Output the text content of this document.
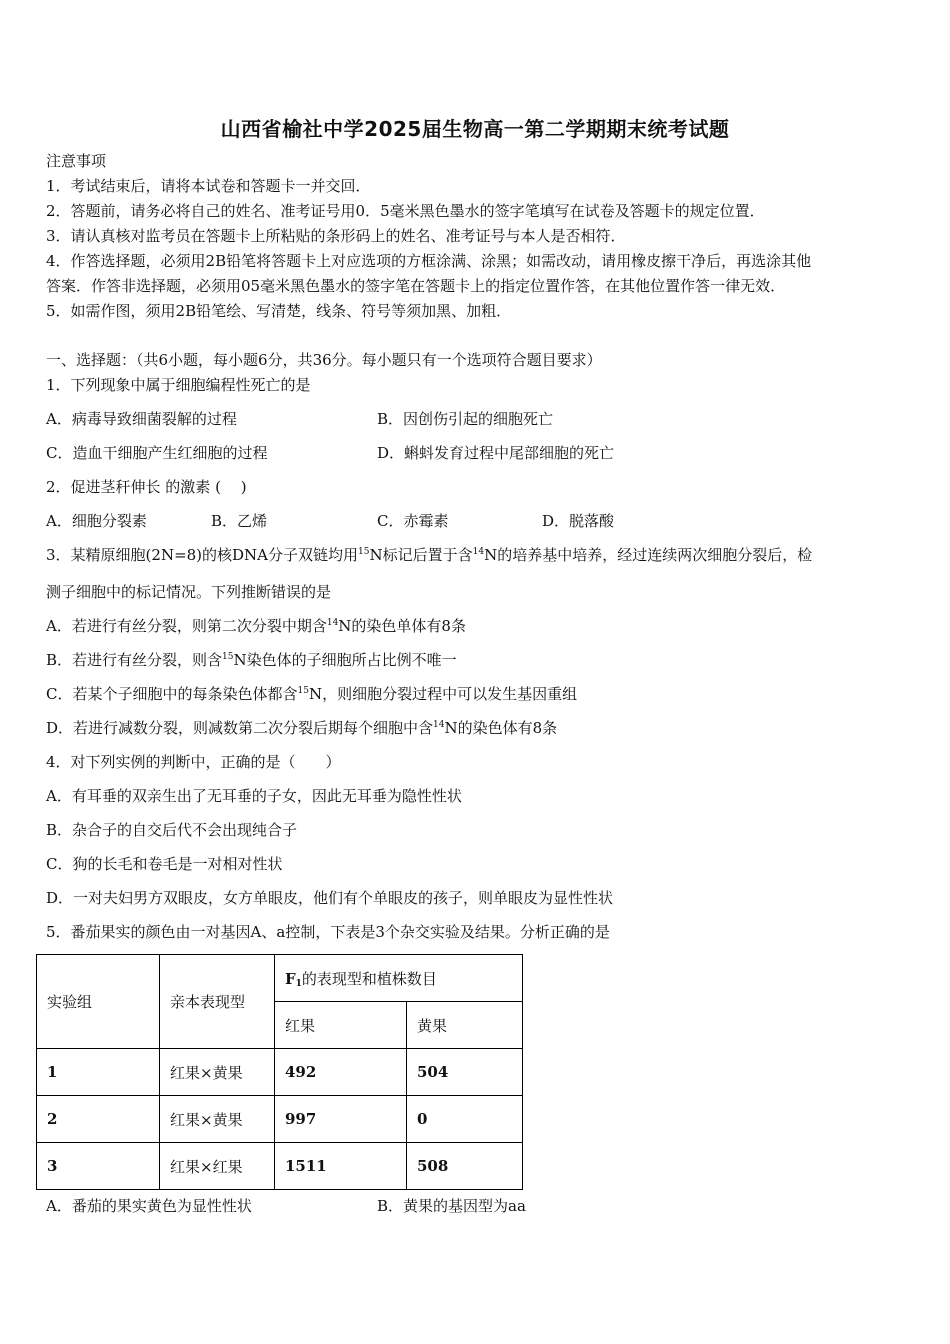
山西省榆社中学2025届生物高一第二学期期末统考试题
注意事项
1．考试结束后，请将本试卷和答题卡一并交回．
2．答题前，请务必将自己的姓名、准考证号用0．5毫米黑色墨水的签字笔填写在试卷及答题卡的规定位置．
3．请认真核对监考员在答题卡上所粘贴的条形码上的姓名、准考证号与本人是否相符．
4．作答选择题，必须用2B铅笔将答题卡上对应选项的方框涂满、涂黑；如需改动，请用橡皮擦干净后，再选涂其他
答案．作答非选择题，必须用05毫米黑色墨水的签字笔在答题卡上的指定位置作答，在其他位置作答一律无效．
5．如需作图，须用2B铅笔绘、写清楚，线条、符号等须加黑、加粗．
一、选择题：（共6小题，每小题6分，共36分。每小题只有一个选项符合题目要求）
1．下列现象中属于细胞编程性死亡的是
A．病毒导致细菌裂解的过程	B．因创伤引起的细胞死亡
C．造血干细胞产生红细胞的过程	D．蝌蚪发育过程中尾部细胞的死亡
2．促进茎秆伸长 的激素 (　 )
A．细胞分裂素	B．乙烯	C．赤霉素	D．脱落酸
3．某精原细胞(2N=8)的核DNA分子双链均用$^{15}$N标记后置于含$^{14}$N的培养基中培养，经过连续两次细胞分裂后，检
测子细胞中的标记情况。下列推断错误的是
A．若进行有丝分裂，则第二次分裂中期含$^{14}$N的染色单体有8条
B．若进行有丝分裂，则含$^{15}$N染色体的子细胞所占比例不唯一
C．若某个子细胞中的每条染色体都含$^{15}$N，则细胞分裂过程中可以发生基因重组
D．若进行减数分裂，则减数第二次分裂后期每个细胞中含$^{14}$N的染色体有8条
4．对下列实例的判断中，正确的是（　　）
A．有耳垂的双亲生出了无耳垂的子女，因此无耳垂为隐性性状
B．杂合子的自交后代不会出现纯合子
C．狗的长毛和卷毛是一对相对性状
D．一对夫妇男方双眼皮，女方单眼皮，他们有个单眼皮的孩子，则单眼皮为显性性状
5．番茄果实的颜色由一对基因A、a控制，下表是3个杂交实验及结果。分析正确的是
实验组	亲本表现型	$F_1$的表现型和植株数目	
		红果	黄果
1	红果×黄果	492	504
2	红果×黄果	997	0
3	红果×红果	1511	508
A．番茄的果实黄色为显性性状	B．黄果的基因型为aa
